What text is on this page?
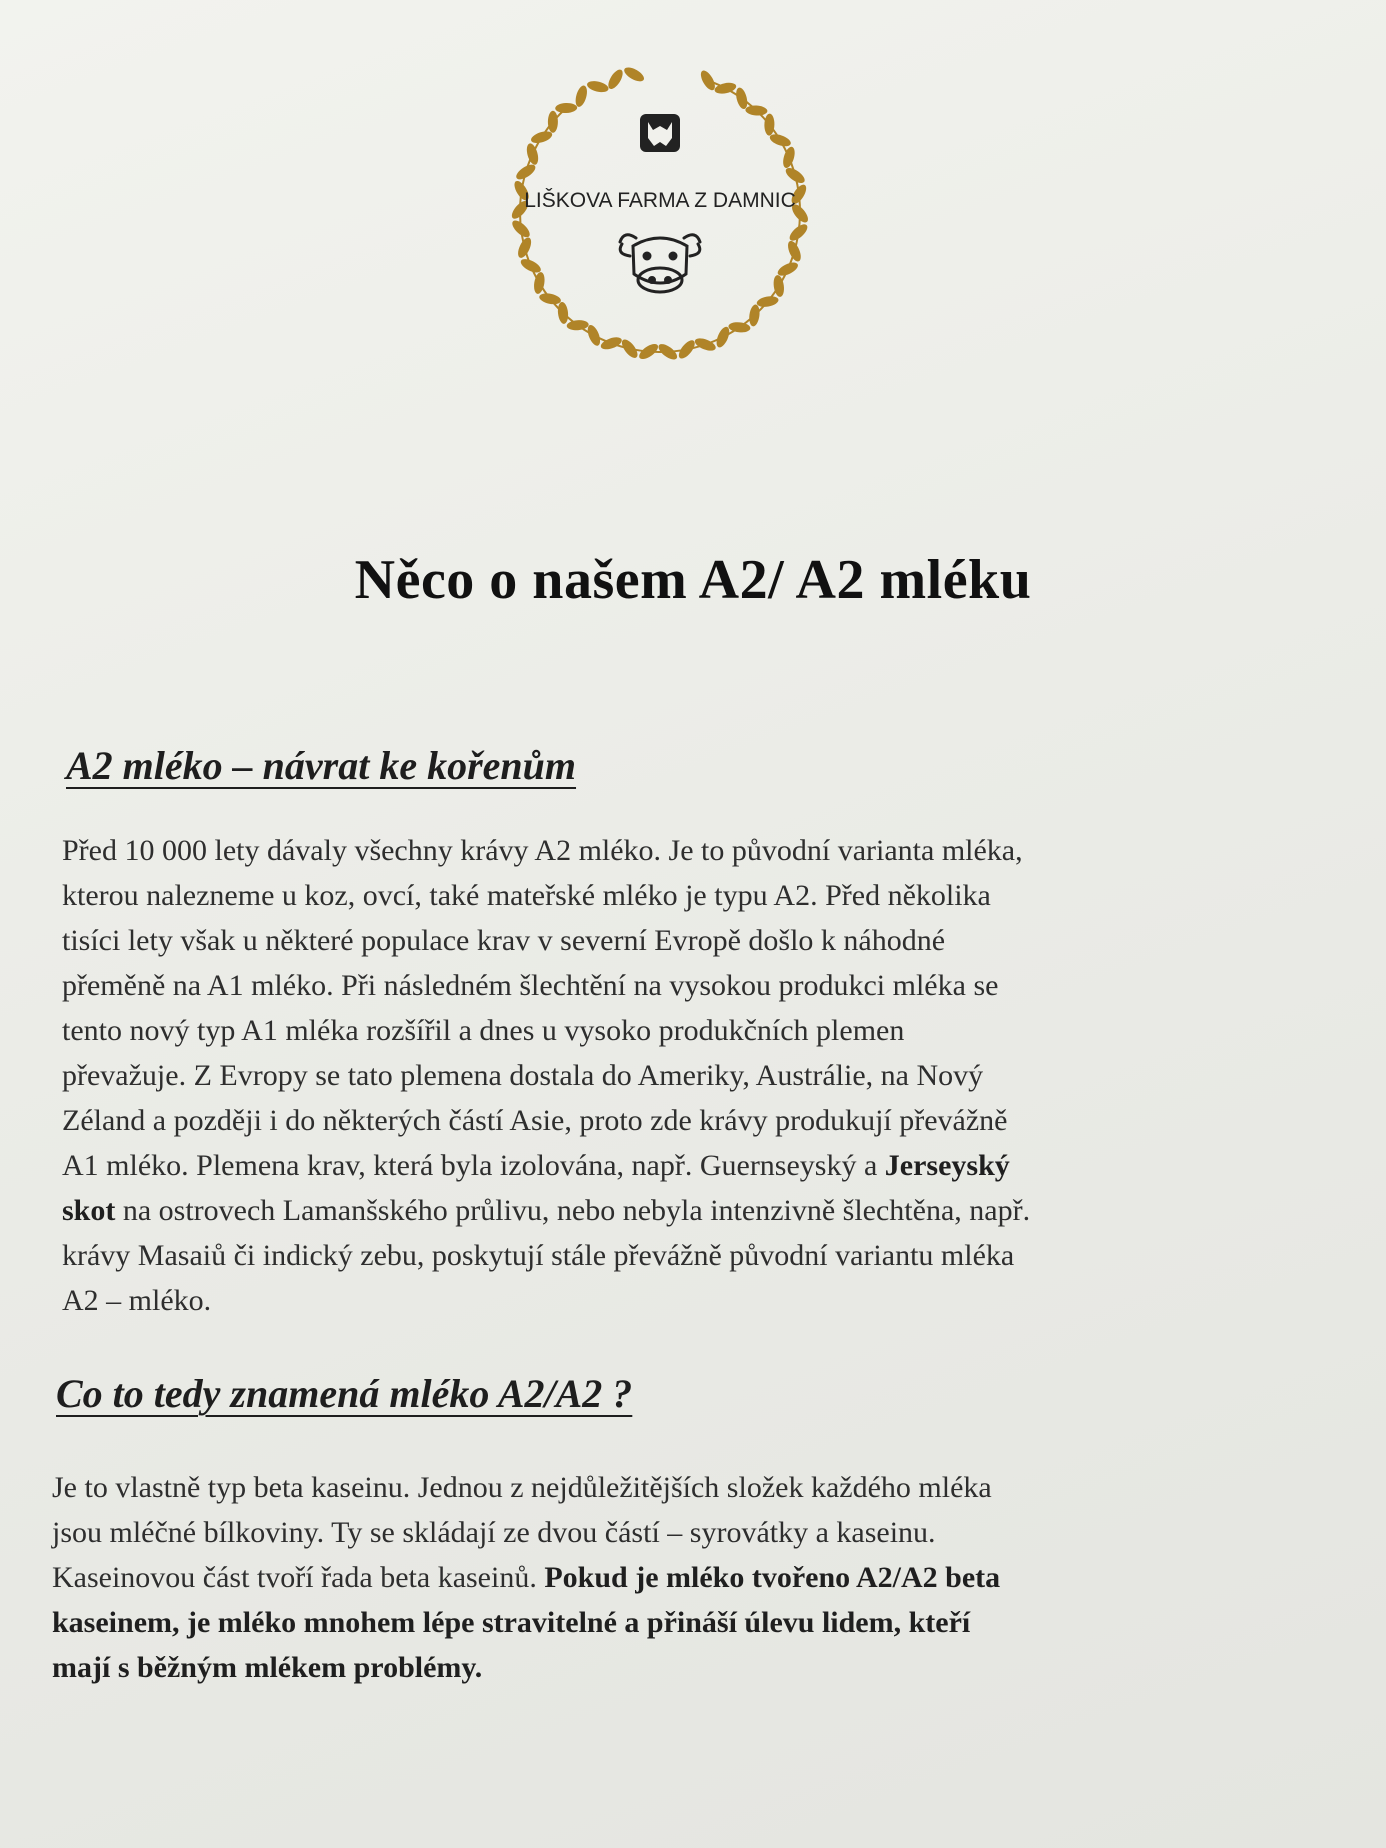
LIŠKOVA FARMA Z DAMNIC
Něco o našem A2/ A2 mléku
A2 mléko – návrat ke kořenům
Před 10 000 lety dávaly všechny krávy A2 mléko. Je to původní varianta mléka,
kterou nalezneme u koz, ovcí, také mateřské mléko je typu A2. Před několika
tisíci lety však u některé populace krav v severní Evropě došlo k náhodné
přeměně na A1 mléko. Při následném šlechtění na vysokou produkci mléka se
tento nový typ A1 mléka rozšířil a dnes u vysoko produkčních plemen
převažuje. Z Evropy se tato plemena dostala do Ameriky, Austrálie, na Nový
Zéland a později i do některých částí Asie, proto zde krávy produkují převážně
A1 mléko. Plemena krav, která byla izolována, např. Guernseyský a Jerseyský
skot na ostrovech Lamanšského průlivu, nebo nebyla intenzivně šlechtěna, např.
krávy Masaiů či indický zebu, poskytují stále převážně původní variantu mléka
A2 – mléko.
Co to tedy znamená mléko A2/A2 ?
Je to vlastně typ beta kaseinu. Jednou z nejdůležitějších složek každého mléka
jsou mléčné bílkoviny. Ty se skládají ze dvou částí – syrovátky a kaseinu.
Kaseinovou část tvoří řada beta kaseinů. Pokud je mléko tvořeno A2/A2 beta
kaseinem, je mléko mnohem lépe stravitelné a přináší úlevu lidem, kteří
mají s běžným mlékem problémy.
